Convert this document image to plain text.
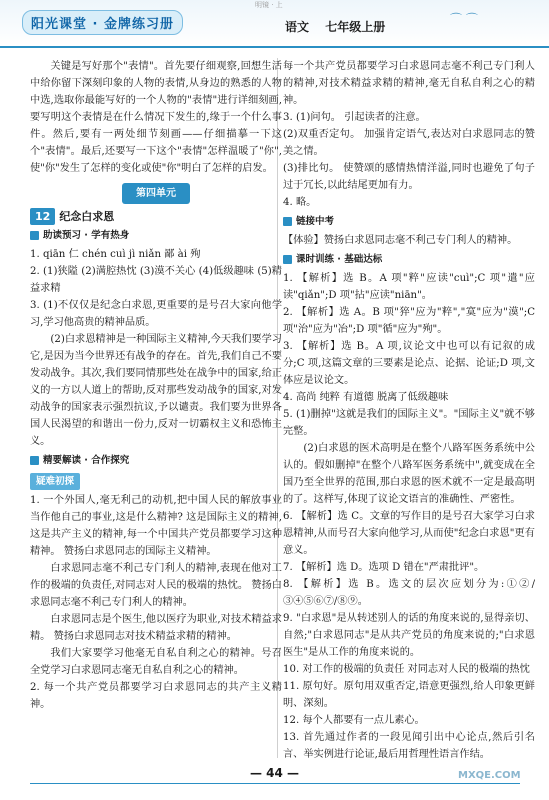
明镜 · 上
阳光课堂 · 金牌练习册	⌒ ⌒
语文 七年级上册

关键是写好那个"表情"。首先要仔细观察,回想生活中给你留下深刻印象的人物的表情,从身边的熟悉的人物中选,选取你最能写好的一个人物的"表情"进行详细刻画,要写明这个表情是在什么情况下发生的,缘于一个什么事件。然后,要有一两处细节刻画——仔细描摹一下这个"表情"。最后,还要写一下这个"表情"怎样温暖了"你",使"你"发生了怎样的变化或使"你"明白了怎样的启发。

第四单元
12 纪念白求恩
助读预习 · 学有热身

1. qiān 仁 chén cuì jì niǎn 鄙 ài 殉

2. (1)狭隘 (2)满腔热忱 (3)漠不关心 (4)低级趣味 (5)精益求精

3. (1)不仅仅是纪念白求恩,更重要的是号召大家向他学习,学习他高贵的精神品质。

(2)白求恩精神是一种国际主义精神,今天我们要学习它,是因为当今世界还有战争的存在。首先,我们自己不要发动战争。其次,我们要同情那些处在战争中的国家,给正义的一方以人道上的帮助,反对那些发动战争的国家,对发动战争的国家表示强烈抗议,予以谴责。我们要为世界各国人民渴望的和谐出一份力,反对一切霸权主义和恐怖主义。

精要解读 · 合作探究
疑难初探

1. 一个外国人,毫无利己的动机,把中国人民的解放事业当作他自己的事业,这是什么精神? 这是国际主义的精神,这是共产主义的精神,每一个中国共产党员都要学习这种精神。 赞扬白求恩同志的国际主义精神。

白求恩同志毫不利己专门利人的精神,表现在他对工作的极端的负责任,对同志对人民的极端的热忱。 赞扬白求恩同志毫不利己专门利人的精神。

白求恩同志是个医生,他以医疗为职业,对技术精益求精。 赞扬白求恩同志对技术精益求精的精神。

我们大家要学习他毫无自私自利之心的精神。号召全党学习白求恩同志毫无自私自利之心的精神。

2. 每一个共产党员都要学习白求恩同志的共产主义精神。

每一个共产党员都要学习白求恩同志毫不利己专门利人的精神,对技术精益求精的精神,毫无自私自利之心的精神。

3. (1)问句。 引起读者的注意。

(2)双重否定句。 加强肯定语气,表达对白求恩同志的赞美之情。

(3)排比句。 使赞颂的感情热情洋溢,同时也避免了句子过于冗长,以此结尾更加有力。

4. 略。

链接中考

【体验】赞扬白求恩同志毫不利己专门利人的精神。

课时训练 · 基础达标

1. 【解析】选 B。A 项"粹"应读"cuì";C 项"遣"应读"qiǎn";D 项"拈"应读"niān"。

2. 【解析】选 A。B 项"猝"应为"粹","寞"应为"漠";C 项"治"应为"冶";D 项"循"应为"殉"。

3. 【解析】选 B。A 项,议论文中也可以有记叙的成分;C 项,这篇文章的三要素是论点、论据、论证;D 项,文体应是议论文。

4. 高尚 纯粹 有道德 脱离了低级趣味

5. (1)删掉"这就是我们的国际主义"。"国际主义"就不够完整。

(2)白求恩的医术高明是在整个八路军医务系统中公认的。假如删掉"在整个八路军医务系统中",就变成在全国乃至全世界的范围,那白求恩的医术就不一定是最高明的了。这样写,体现了议论文语言的准确性、严密性。

6. 【解析】选 C。文章的写作目的是号召大家学习白求恩精神,从而号召大家向他学习,从而使"纪念白求恩"更有意义。

7. 【解析】选 D。选项 D 错在"严肃批评"。

8. 【解析】选 B。选文的层次应划分为:①②/③④⑤⑥⑦/⑧⑨。

9. "白求恩"是从转述别人的话的角度来说的,显得亲切、自然;"白求恩同志"是从共产党员的角度来说的;"白求恩医生"是从工作的角度来说的。

10. 对工作的极端的负责任 对同志对人民的极端的热忱

11. 原句好。原句用双重否定,语意更强烈,给人印象更鲜明、深刻。

12. 每个人都要有一点儿素心。

13. 首先通过作者的一段见闻引出中心论点,然后引名言、举实例进行论证,最后用哲理性语言作结。

— 44 —	MXQE.COM
